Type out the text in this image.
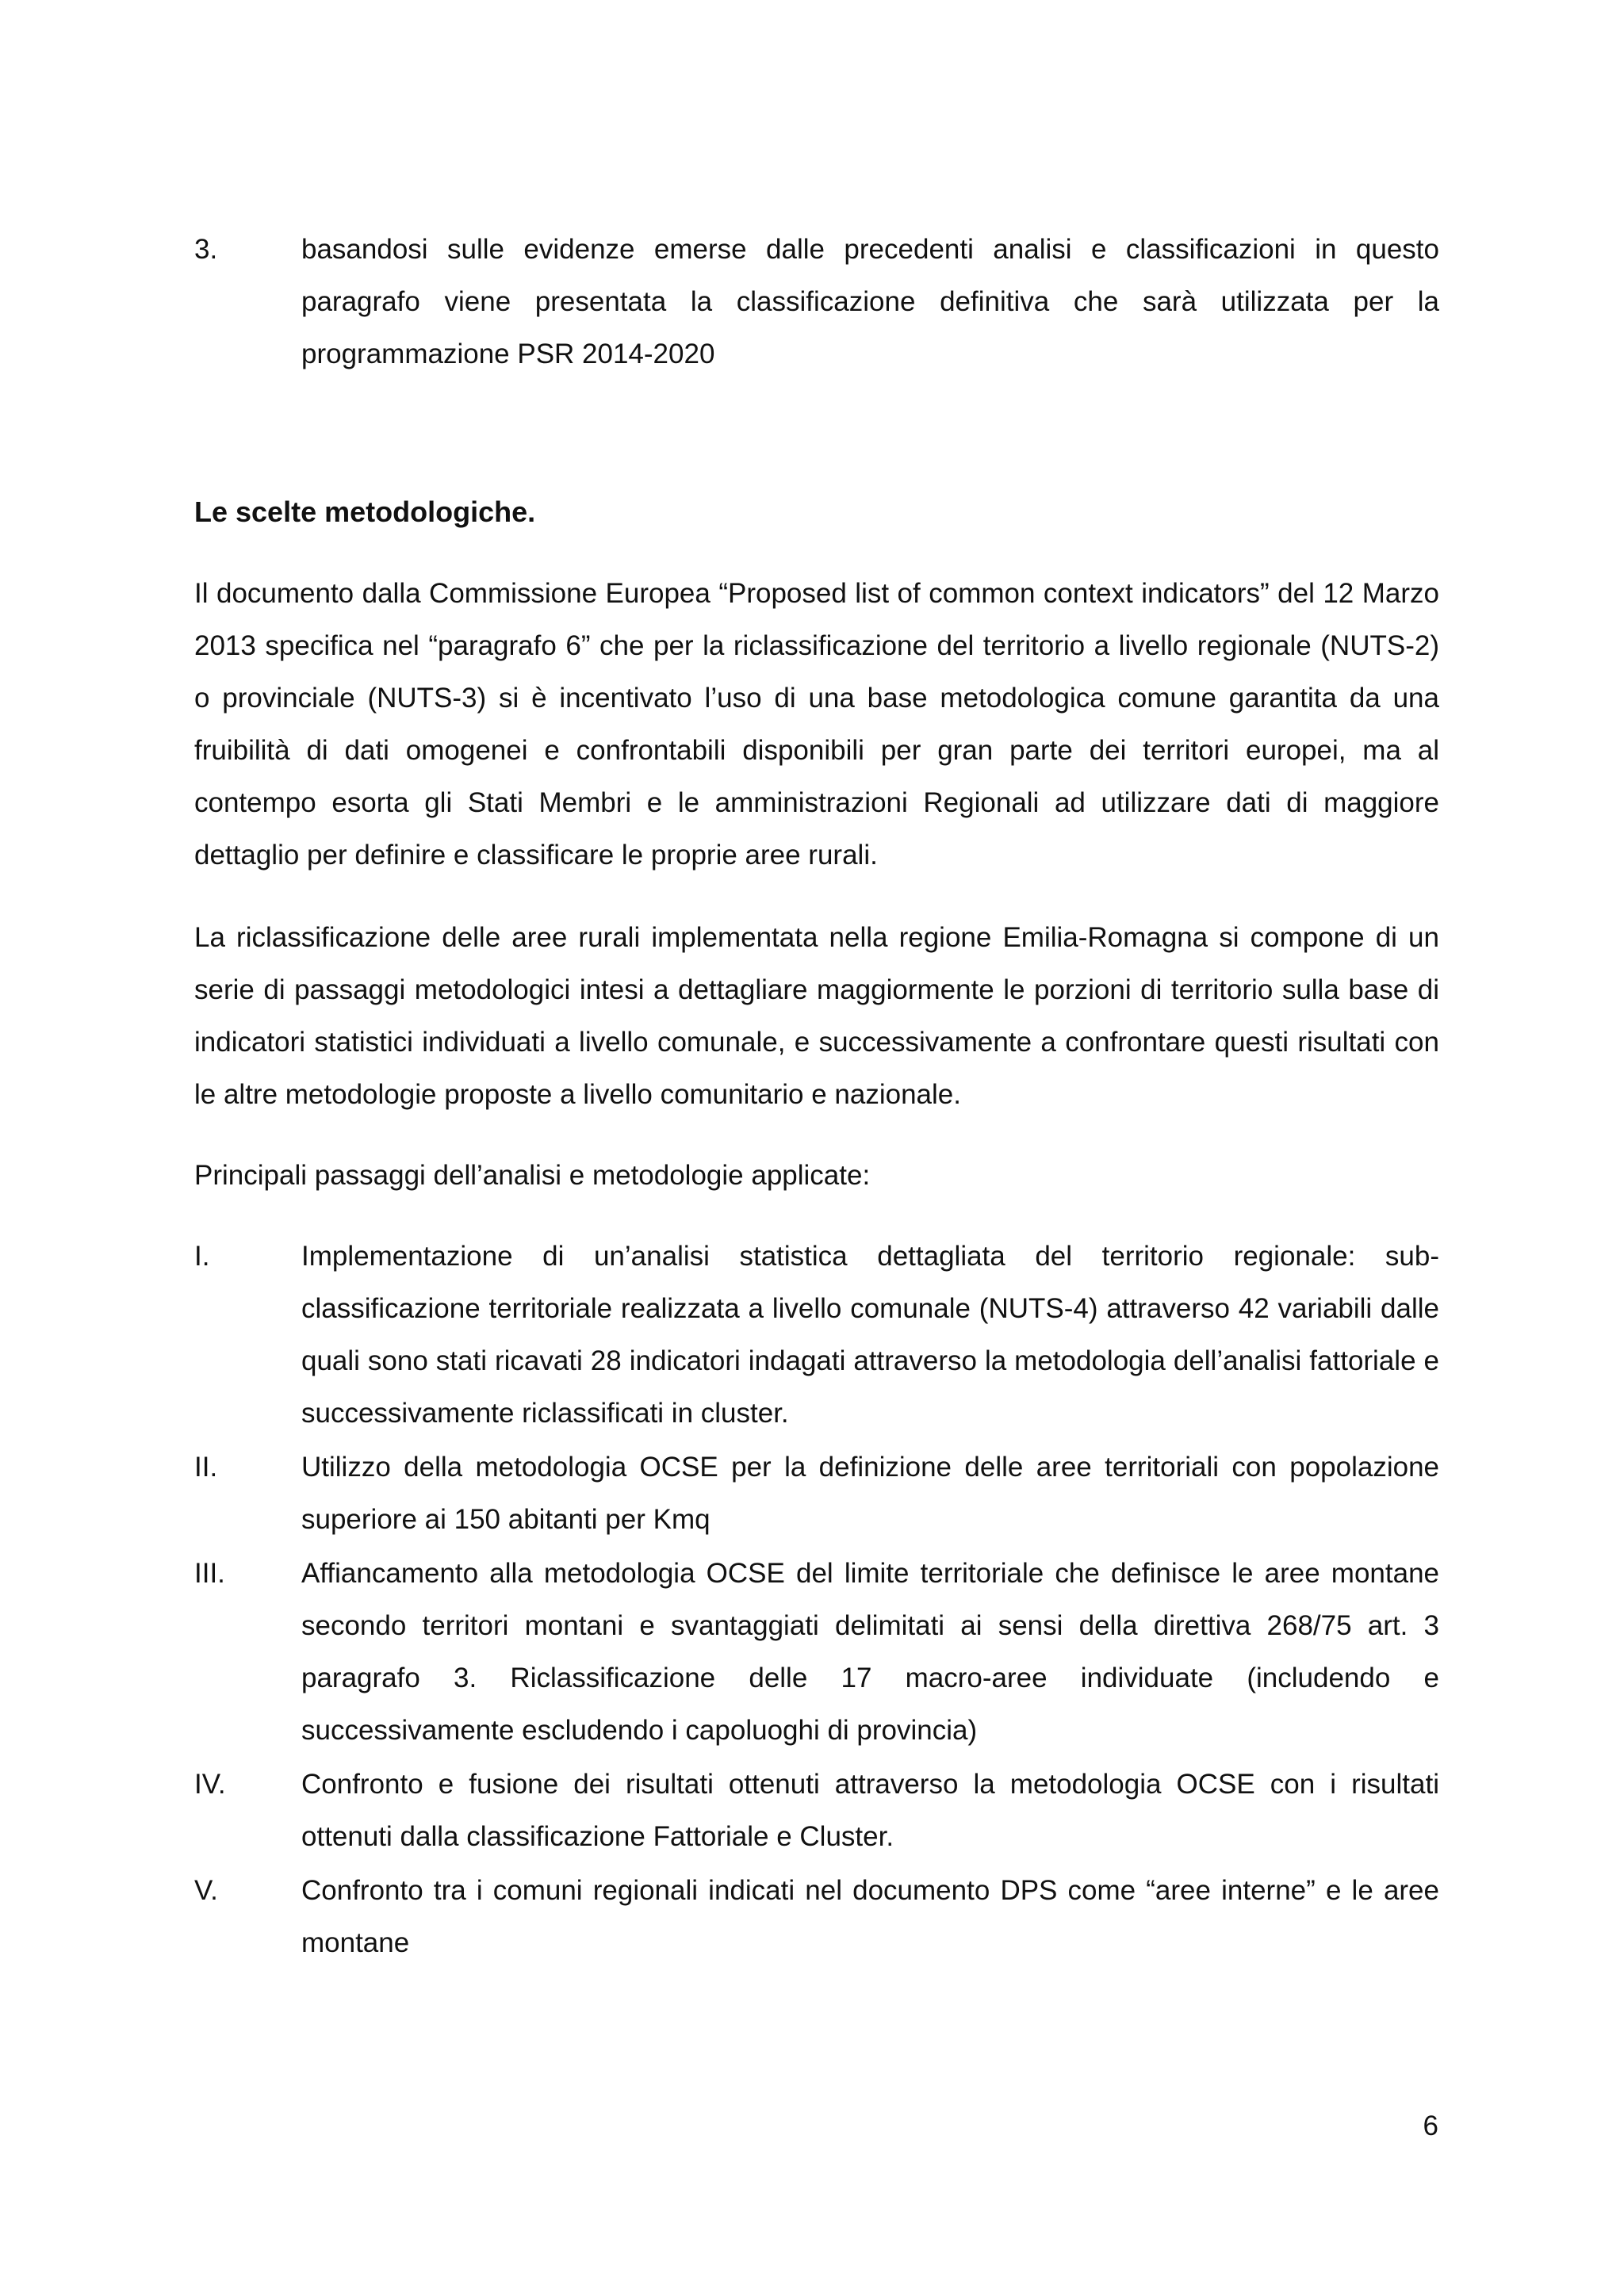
3.	basandosi sulle evidenze emerse dalle precedenti analisi e classificazioni in questo paragrafo viene presentata la classificazione definitiva che sarà utilizzata per la programmazione PSR 2014-2020
Le scelte metodologiche.

Il documento dalla Commissione Europea “Proposed list of common context indicators” del 12 Marzo 2013 specifica nel “paragrafo 6” che per la riclassificazione del territorio a livello regionale (NUTS-2) o provinciale (NUTS-3) si è incentivato l’uso di una base metodologica comune garantita da una fruibilità di dati omogenei e confrontabili disponibili per gran parte dei territori europei, ma al contempo esorta gli Stati Membri e le amministrazioni Regionali ad utilizzare dati di maggiore dettaglio per definire e classificare le proprie aree rurali.

La riclassificazione delle aree rurali implementata nella regione Emilia-Romagna si compone di un serie di passaggi metodologici intesi a dettagliare maggiormente le porzioni di territorio sulla base di indicatori statistici individuati a livello comunale, e successivamente a confrontare questi risultati con le altre metodologie proposte a livello comunitario e nazionale.

Principali passaggi dell’analisi e metodologie applicate:

I.	Implementazione di un’analisi statistica dettagliata del territorio regionale: sub-classificazione territoriale realizzata a livello comunale (NUTS-4) attraverso 42 variabili dalle quali sono stati ricavati 28 indicatori indagati attraverso la metodologia dell’analisi fattoriale e successivamente riclassificati in cluster.
II.	Utilizzo della metodologia OCSE per la definizione delle aree territoriali con popolazione superiore ai 150 abitanti per Kmq
III.	Affiancamento alla metodologia OCSE del limite territoriale che definisce le aree montane secondo territori montani e svantaggiati delimitati ai sensi della direttiva 268/75 art. 3 paragrafo 3. Riclassificazione delle 17 macro-aree individuate (includendo e successivamente escludendo i capoluoghi di provincia)
IV.	Confronto e fusione dei risultati ottenuti attraverso la metodologia OCSE con i risultati ottenuti dalla classificazione Fattoriale e Cluster.
V.	Confronto tra i comuni regionali indicati nel documento DPS come “aree interne” e le aree montane
6
